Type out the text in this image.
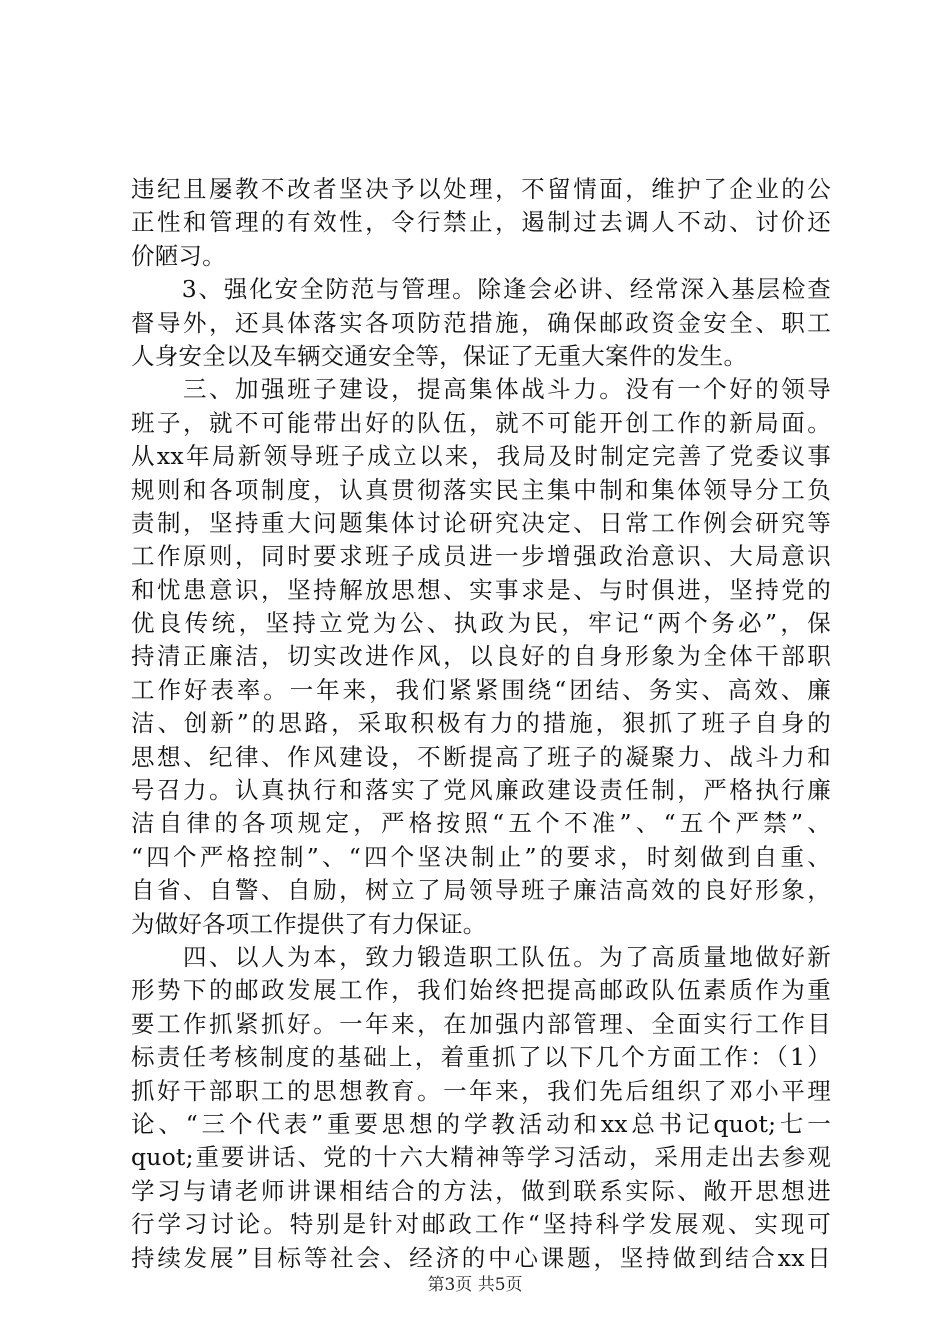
违纪且屡教不改者坚决予以处理，不留情面，维护了企业的公
正性和管理的有效性，令行禁止，遏制过去调人不动、讨价还
价陋习。
　　3、强化安全防范与管理。除逢会必讲、经常深入基层检查
督导外，还具体落实各项防范措施，确保邮政资金安全、职工
人身安全以及车辆交通安全等，保证了无重大案件的发生。
　　三、加强班子建设，提高集体战斗力。没有一个好的领导
班子，就不可能带出好的队伍，就不可能开创工作的新局面。
从xx年局新领导班子成立以来，我局及时制定完善了党委议事
规则和各项制度，认真贯彻落实民主集中制和集体领导分工负
责制，坚持重大问题集体讨论研究决定、日常工作例会研究等
工作原则，同时要求班子成员进一步增强政治意识、大局意识
和忧患意识，坚持解放思想、实事求是、与时俱进，坚持党的
优良传统，坚持立党为公、执政为民，牢记“两个务必”，保
持清正廉洁，切实改进作风，以良好的自身形象为全体干部职
工作好表率。一年来，我们紧紧围绕“团结、务实、高效、廉
洁、创新”的思路，采取积极有力的措施，狠抓了班子自身的
思想、纪律、作风建设，不断提高了班子的凝聚力、战斗力和
号召力。认真执行和落实了党风廉政建设责任制，严格执行廉
洁自律的各项规定，严格按照“五个不准”、“五个严禁”、
“四个严格控制”、“四个坚决制止”的要求，时刻做到自重、
自省、自警、自励，树立了局领导班子廉洁高效的良好形象，
为做好各项工作提供了有力保证。
　　四、以人为本，致力锻造职工队伍。为了高质量地做好新
形势下的邮政发展工作，我们始终把提高邮政队伍素质作为重
要工作抓紧抓好。一年来，在加强内部管理、全面实行工作目
标责任考核制度的基础上，着重抓了以下几个方面工作：（1）
抓好干部职工的思想教育。一年来，我们先后组织了邓小平理
论、“三个代表”重要思想的学教活动和xx总书记quot;七一
quot;重要讲话、党的十六大精神等学习活动，采用走出去参观
学习与请老师讲课相结合的方法，做到联系实际、敞开思想进
行学习讨论。特别是针对邮政工作“坚持科学发展观、实现可
持续发展”目标等社会、经济的中心课题，坚持做到结合xx日
第3页 共5页
